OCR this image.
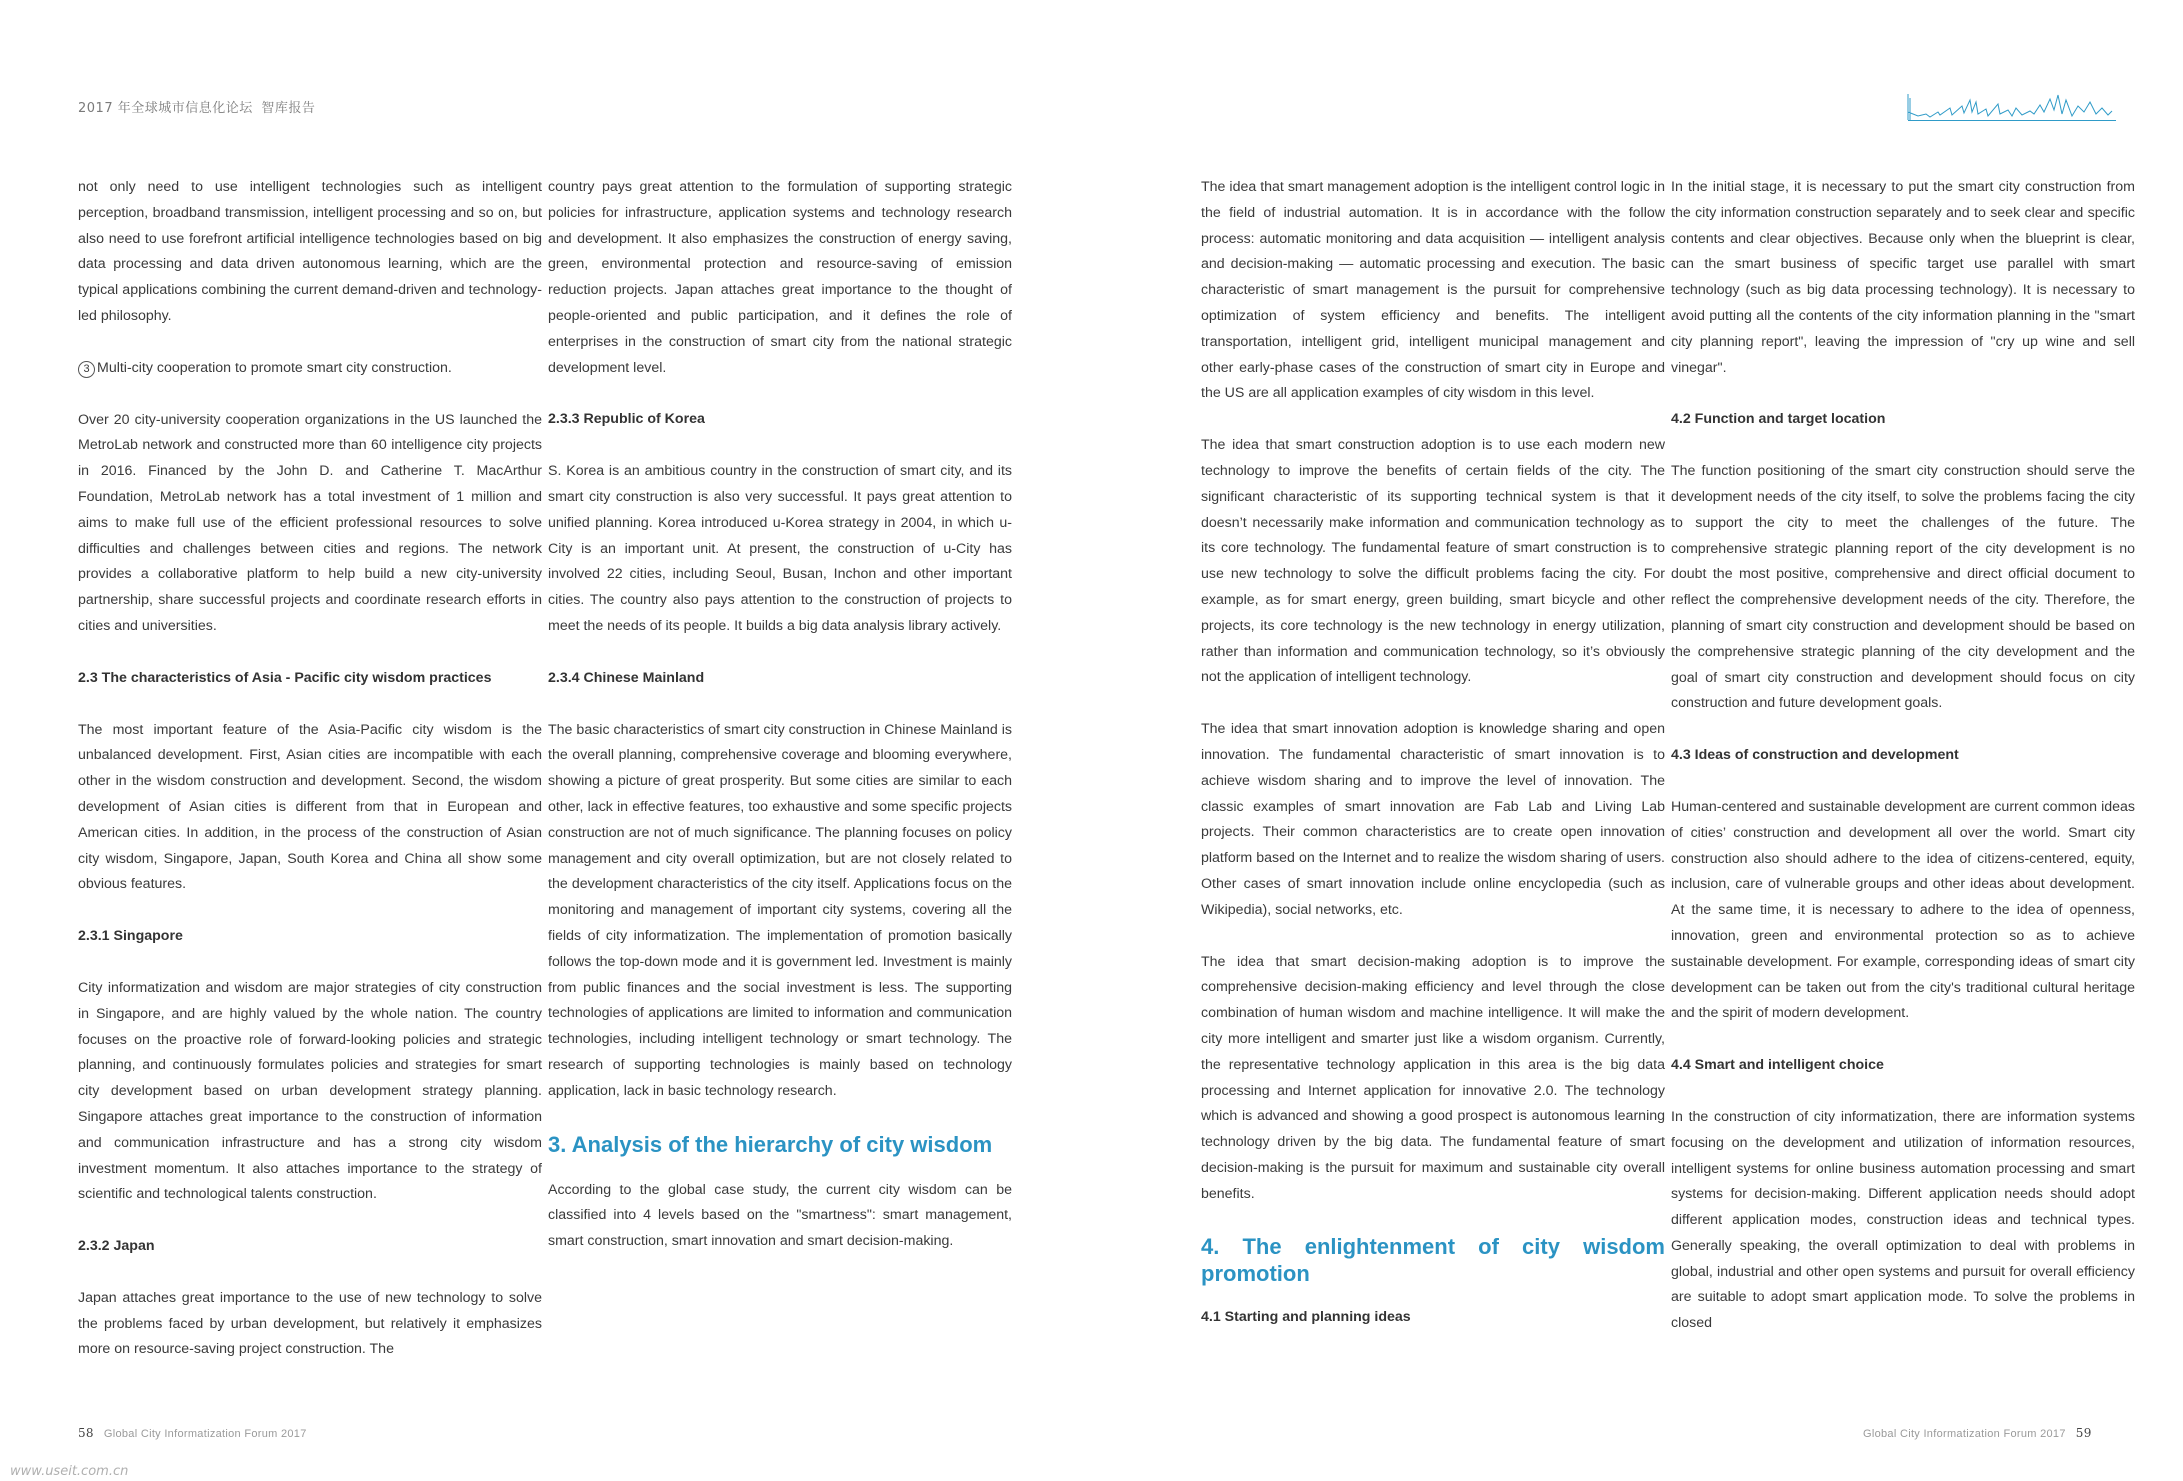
2017 年全球城市信息化论坛 智库报告

not only need to use intelligent technologies such as intelligent perception, broadband transmission, intelligent processing and so on, but also need to use forefront artificial intelligence technologies based on big data processing and data driven autonomous learning, which are the typical applications combining the current demand-driven and technology-led philosophy.

3 Multi-city cooperation to promote smart city construction.

Over 20 city-university cooperation organizations in the US launched the MetroLab network and constructed more than 60 intelligence city projects in 2016. Financed by the John D. and Catherine T. MacArthur Foundation, MetroLab network has a total investment of 1 million and aims to make full use of the efficient professional resources to solve difficulties and challenges between cities and regions. The network provides a collaborative platform to help build a new city-university partnership, share successful projects and coordinate research efforts in cities and universities.

2.3 The characteristics of Asia - Pacific city wisdom practices

The most important feature of the Asia-Pacific city wisdom is the unbalanced development. First, Asian cities are incompatible with each other in the wisdom construction and development. Second, the wisdom development of Asian cities is different from that in European and American cities. In addition, in the process of the construction of Asian city wisdom, Singapore, Japan, South Korea and China all show some obvious features.

2.3.1 Singapore

City informatization and wisdom are major strategies of city construction in Singapore, and are highly valued by the whole nation. The country focuses on the proactive role of forward-looking policies and strategic planning, and continuously formulates policies and strategies for smart city development based on urban development strategy planning. Singapore attaches great importance to the construction of information and communication infrastructure and has a strong city wisdom investment momentum. It also attaches importance to the strategy of scientific and technological talents construction.

2.3.2 Japan

Japan attaches great importance to the use of new technology to solve the problems faced by urban development, but relatively it emphasizes more on resource-saving project construction. The

country pays great attention to the formulation of supporting strategic policies for infrastructure, application systems and technology research and development. It also emphasizes the construction of energy saving, green, environmental protection and resource-saving of emission reduction projects. Japan attaches great importance to the thought of people-oriented and public participation, and it defines the role of enterprises in the construction of smart city from the national strategic development level.

2.3.3 Republic of Korea

S. Korea is an ambitious country in the construction of smart city, and its smart city construction is also very successful. It pays great attention to unified planning. Korea introduced u-Korea strategy in 2004, in which u-City is an important unit. At present, the construction of u-City has involved 22 cities, including Seoul, Busan, Inchon and other important cities. The country also pays attention to the construction of projects to meet the needs of its people. It builds a big data analysis library actively.

2.3.4 Chinese Mainland

The basic characteristics of smart city construction in Chinese Mainland is the overall planning, comprehensive coverage and blooming everywhere, showing a picture of great prosperity. But some cities are similar to each other, lack in effective features, too exhaustive and some specific projects construction are not of much significance. The planning focuses on policy management and city overall optimization, but are not closely related to the development characteristics of the city itself. Applications focus on the monitoring and management of important city systems, covering all the fields of city informatization. The implementation of promotion basically follows the top-down mode and it is government led. Investment is mainly from public finances and the social investment is less. The supporting technologies of applications are limited to information and communication technologies, including intelligent technology or smart technology. The research of supporting technologies is mainly based on technology application, lack in basic technology research.

3. Analysis of the hierarchy of city wisdom

According to the global case study, the current city wisdom can be classified into 4 levels based on the "smartness": smart management, smart construction, smart innovation and smart decision-making.

The idea that smart management adoption is the intelligent control logic in the field of industrial automation. It is in accordance with the follow process: automatic monitoring and data acquisition — intelligent analysis and decision-making — automatic processing and execution. The basic characteristic of smart management is the pursuit for comprehensive optimization of system efficiency and benefits. The intelligent transportation, intelligent grid, intelligent municipal management and other early-phase cases of the construction of smart city in Europe and the US are all application examples of city wisdom in this level.

The idea that smart construction adoption is to use each modern new technology to improve the benefits of certain fields of the city. The significant characteristic of its supporting technical system is that it doesn’t necessarily make information and communication technology as its core technology. The fundamental feature of smart construction is to use new technology to solve the difficult problems facing the city. For example, as for smart energy, green building, smart bicycle and other projects, its core technology is the new technology in energy utilization, rather than information and communication technology, so it’s obviously not the application of intelligent technology.

The idea that smart innovation adoption is knowledge sharing and open innovation. The fundamental characteristic of smart innovation is to achieve wisdom sharing and to improve the level of innovation. The classic examples of smart innovation are Fab Lab and Living Lab projects. Their common characteristics are to create open innovation platform based on the Internet and to realize the wisdom sharing of users. Other cases of smart innovation include online encyclopedia (such as Wikipedia), social networks, etc.

The idea that smart decision-making adoption is to improve the comprehensive decision-making efficiency and level through the close combination of human wisdom and machine intelligence. It will make the city more intelligent and smarter just like a wisdom organism. Currently, the representative technology application in this area is the big data processing and Internet application for innovative 2.0. The technology which is advanced and showing a good prospect is autonomous learning technology driven by the big data. The fundamental feature of smart decision-making is the pursuit for maximum and sustainable city overall benefits.

4. The enlightenment of city wisdom promotion
4.1 Starting and planning ideas

In the initial stage, it is necessary to put the smart city construction from the city information construction separately and to seek clear and specific contents and clear objectives. Because only when the blueprint is clear, can the smart business of specific target use parallel with smart technology (such as big data processing technology). It is necessary to avoid putting all the contents of the city information planning in the "smart city planning report", leaving the impression of "cry up wine and sell vinegar".

4.2 Function and target location

The function positioning of the smart city construction should serve the development needs of the city itself, to solve the problems facing the city to support the city to meet the challenges of the future. The comprehensive strategic planning report of the city development is no doubt the most positive, comprehensive and direct official document to reflect the comprehensive development needs of the city. Therefore, the planning of smart city construction and development should be based on the comprehensive strategic planning of the city development and the goal of smart city construction and development should focus on city construction and future development goals.

4.3 Ideas of construction and development

Human-centered and sustainable development are current common ideas of cities’ construction and development all over the world. Smart city construction also should adhere to the idea of citizens-centered, equity, inclusion, care of vulnerable groups and other ideas about development. At the same time, it is necessary to adhere to the idea of openness, innovation, green and environmental protection so as to achieve sustainable development. For example, corresponding ideas of smart city development can be taken out from the city's traditional cultural heritage and the spirit of modern development.

4.4 Smart and intelligent choice

In the construction of city informatization, there are information systems focusing on the development and utilization of information resources, intelligent systems for online business automation processing and smart systems for decision-making. Different application needs should adopt different application modes, construction ideas and technical types. Generally speaking, the overall optimization to deal with problems in global, industrial and other open systems and pursuit for overall efficiency are suitable to adopt smart application mode. To solve the problems in closed

58 Global City Informatization Forum 2017	Global City Informatization Forum 2017 59
www.useit.com.cn
